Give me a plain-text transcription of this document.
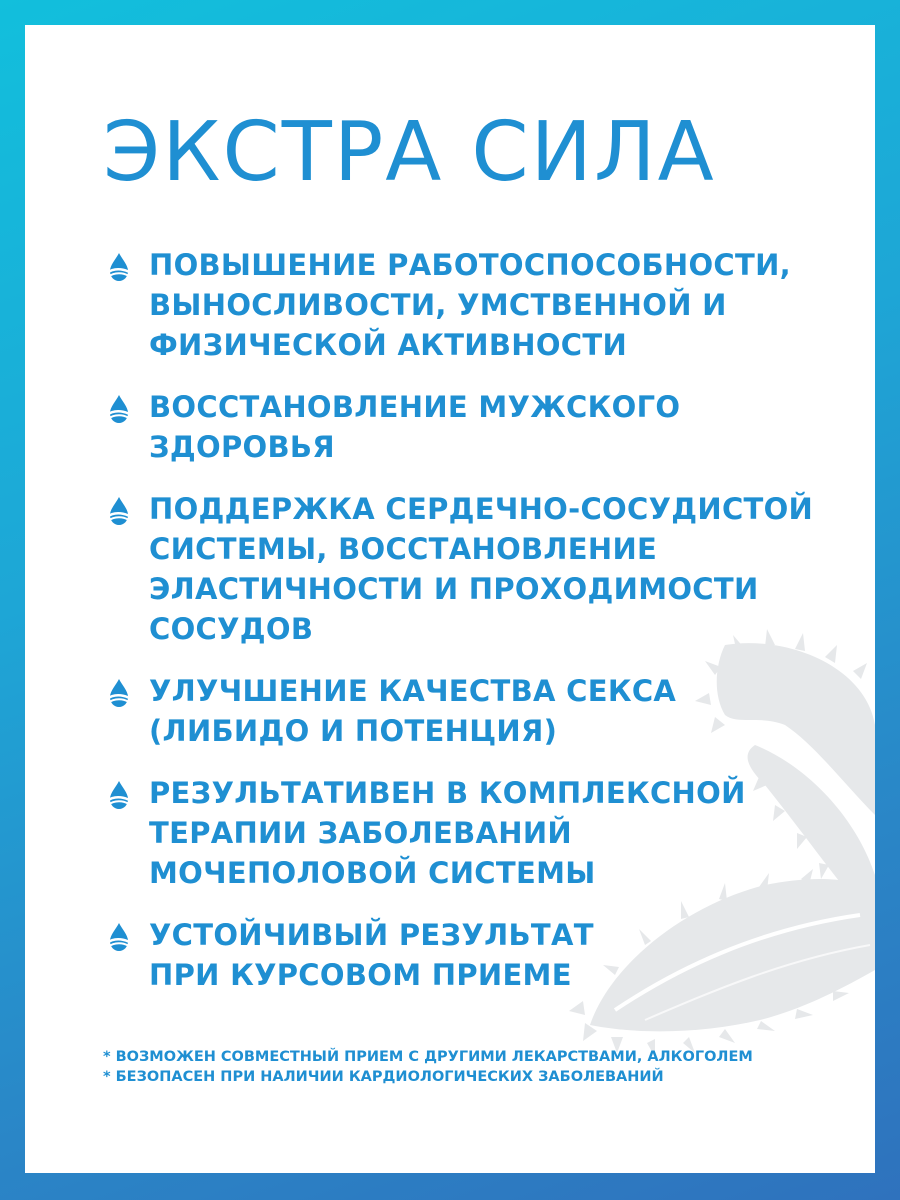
ЭКСТРА СИЛА
ПОВЫШЕНИЕ РАБОТОСПОСОБНОСТИ,
ВЫНОСЛИВОСТИ, УМСТВЕННОЙ И
ФИЗИЧЕСКОЙ АКТИВНОСТИ
ВОССТАНОВЛЕНИЕ МУЖСКОГО
ЗДОРОВЬЯ
ПОДДЕРЖКА СЕРДЕЧНО-СОСУДИСТОЙ
СИСТЕМЫ, ВОССТАНОВЛЕНИЕ
ЭЛАСТИЧНОСТИ И ПРОХОДИМОСТИ
СОСУДОВ
УЛУЧШЕНИЕ КАЧЕСТВА СЕКСА
(ЛИБИДО И ПОТЕНЦИЯ)
РЕЗУЛЬТАТИВЕН В КОМПЛЕКСНОЙ
ТЕРАПИИ ЗАБОЛЕВАНИЙ
МОЧЕПОЛОВОЙ СИСТЕМЫ
УСТОЙЧИВЫЙ РЕЗУЛЬТАТ
ПРИ КУРСОВОМ ПРИЕМЕ
* ВОЗМОЖЕН СОВМЕСТНЫЙ ПРИЕМ С ДРУГИМИ ЛЕКАРСТВАМИ, АЛКОГОЛЕМ
* БЕЗОПАСЕН ПРИ НАЛИЧИИ КАРДИОЛОГИЧЕСКИХ ЗАБОЛЕВАНИЙ
